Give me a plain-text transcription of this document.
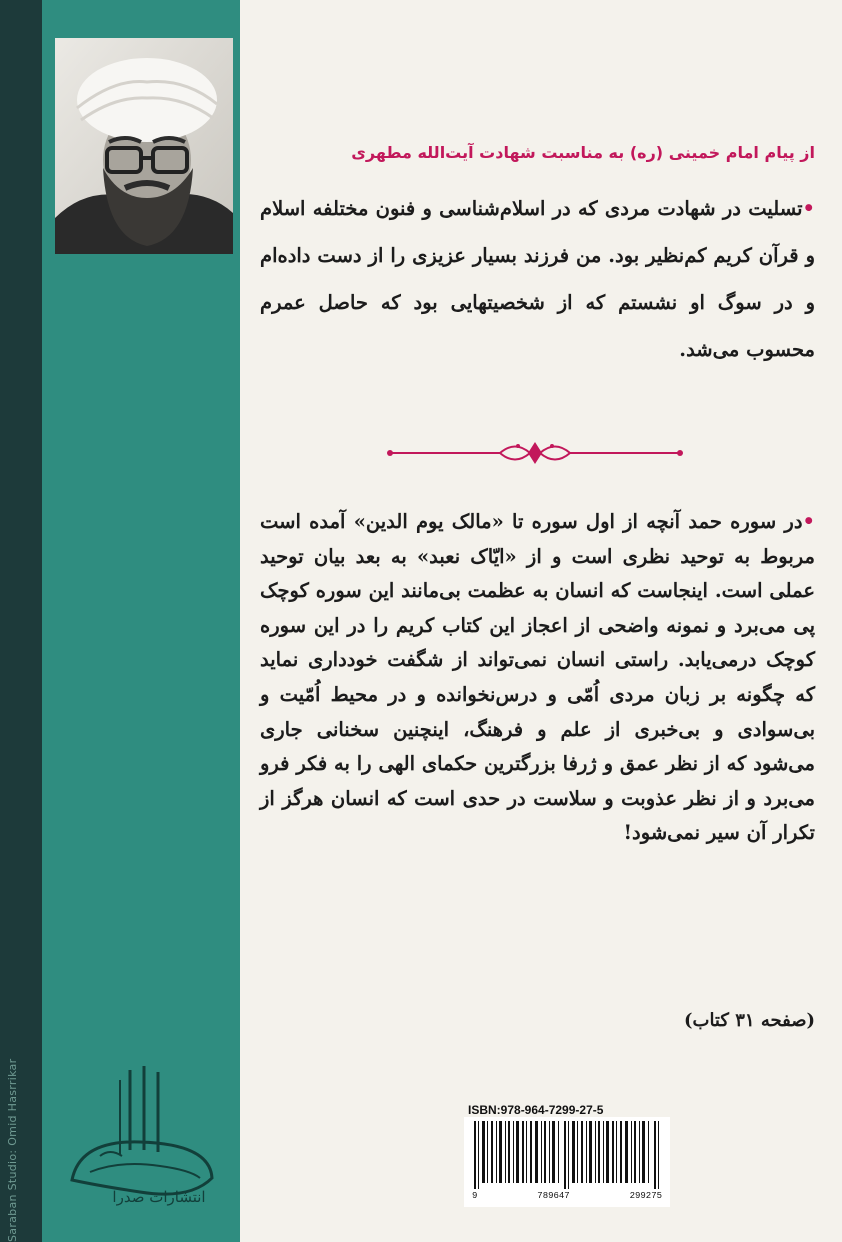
Saraban Studio: Omid Hasrrikar
از پیام امام خمینی (ره) به مناسبت شهادت آیت‌الله مطهری
•تسلیت در شهادت مردی که در اسلام‌شناسی و فنون مختلفه اسلام و قرآن کریم کم‌نظیر بود. من فرزند بسیار عزیزی را از دست داده‌ام و در سوگ او نشستم که از شخصیتهایی بود که حاصل عمرم محسوب می‌شد.
•در سوره حمد آنچه از اول سوره تا «مالک یوم الدین» آمده است مربوط به توحید نظری است و از «ایّاک نعبد» به بعد بیان توحید عملی است. اینجاست که انسان به عظمت بی‌مانند این سوره کوچک پی می‌برد و نمونه واضحی از اعجاز این کتاب کریم را در این سوره کوچک درمی‌یابد. راستی انسان نمی‌تواند از شگفت خودداری نماید که چگونه بر زبان مردی اُمّی و درس‌نخوانده و در محیط اُمّیت و بی‌سوادی و بی‌خبری از علم و فرهنگ، اینچنین سخنانی جاری می‌شود که از نظر عمق و ژرفا بزرگترین حکمای الهی را به فکر فرو می‌برد و از نظر عذوبت و سلاست در حدی است که انسان هرگز از تکرار آن سیر نمی‌شود!
(صفحه ۳۱ کتاب)
انتشارات صدرا
ISBN:978-964-7299-27-5
9	789647	299275
